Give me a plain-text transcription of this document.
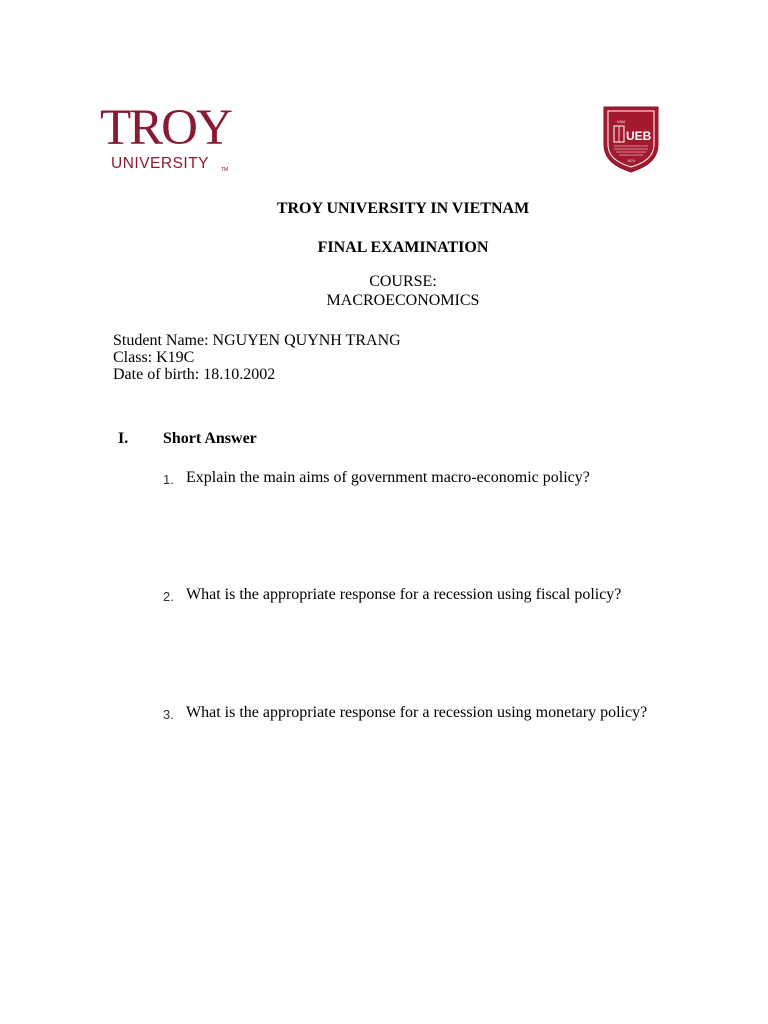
TROY
UNIVERSITY TM
VNU
UEB
1974
TROY UNIVERSITY IN VIETNAM
FINAL EXAMINATION
COURSE:
MACROECONOMICS
Student Name: NGUYEN QUYNH TRANG
Class: K19C
Date of birth: 18.10.2002
I. Short Answer
1. Explain the main aims of government macro-economic policy?
2. What is the appropriate response for a recession using fiscal policy?
3. What is the appropriate response for a recession using monetary policy?
